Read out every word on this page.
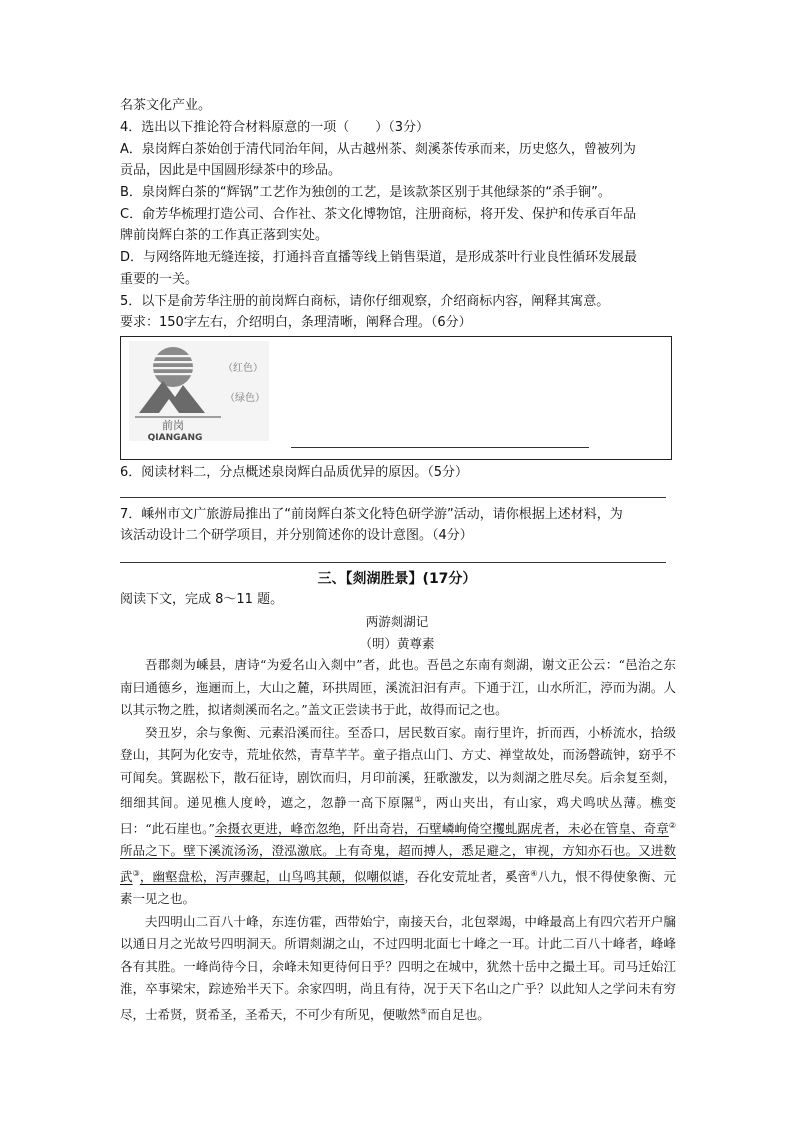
名茶文化产业。
4．选出以下推论符合材料原意的一项（　　）（3分）
A．泉岗辉白茶始创于清代同治年间，从古越州茶、剡溪茶传承而来，历史悠久，曾被列为
贡品，因此是中国圆形绿茶中的珍品。
B．泉岗辉白茶的“辉锅”工艺作为独创的工艺，是该款茶区别于其他绿茶的“杀手锏”。
C．俞芳华梳理打造公司、合作社、茶文化博物馆，注册商标，将开发、保护和传承百年品
牌前岗辉白茶的工作真正落到实处。
D．与网络阵地无缝连接，打通抖音直播等线上销售渠道，是形成茶叶行业良性循环发展最
重要的一关。
5．以下是俞芳华注册的前岗辉白商标，请你仔细观察，介绍商标内容，阐释其寓意。
要求：150字左右，介绍明白，条理清晰，阐释合理。（6分）
前岗
QIANGANG
（红色）
（绿色）
6．阅读材料二，分点概述泉岗辉白品质优异的原因。（5分）
7．嵊州市文广旅游局推出了“前岗辉白茶文化特色研学游”活动，请你根据上述材料，为
该活动设计二个研学项目，并分别简述你的设计意图。（4分）
三、【剡湖胜景】(17分）
阅读下文，完成 8～11 题。
两游剡湖记
（明）黄尊素

吾郡剡为嵊县，唐诗“为爱名山入剡中”者，此也。吾邑之东南有剡湖，谢文正公云：“邑治之东南曰通德乡，迤逦而上，大山之麓，环拱周匝，溪流汩汩有声。下通于江，山水所汇，渟而为湖。人以其示物之胜，拟诸剡溪而名之。”盖文正尝读书于此，故得而记之也。

癸丑岁，余与象衡、元素沿溪而往。至岙口，居民数百家。南行里许，折而西，小桥流水，拾级登山，其阿为化安寺，荒址依然，青草芊芊。童子指点山门、方丈、禅堂故处，而汤磬疏钟，窈乎不可闻矣。箕踞松下，散石征诗，剧饮而归，月印前溪，狂歌激发，以为剡湖之胜尽矣。后余复至剡，细细其间。递见樵人度岭，遮之，忽静一高下原隰①，两山夹出，有山家，鸡犬鸣吠丛薄。樵变曰：“此石崖也。”余摄衣更进，峰峦忽绝，阡出奇岩，石壁嶙峋倚空攫虬踞虎者，未必在管皇、奇章②所品之下。壁下溪流汤汤，澄泓激底。上有奇鬼，超而搏人，悉足避之，审视，方知亦石也。又进数武③，幽壑盘松，泻声骤起，山鸟鸣其颠，似嘲似谑，吞化安荒址者，奚啻④八九，恨不得使象衡、元素一见之也。

夫四明山二百八十峰，东连仿霍，西带始宁，南接天台，北包翠竭，中峰最高上有四穴若开户牖以通日月之光故号四明洞天。所谓剡湖之山，不过四明北面七十峰之一耳。计此二百八十峰者，峰峰各有其胜。一峰尚待今日，余峰未知更待何日乎？四明之在城中，犹然十岳中之撮土耳。司马迁始江淮，卒事梁宋，踪迹殆半天下。余家四明，尚且有待，况于天下名山之广乎？以此知人之学问未有穷尽，士希贤，贤希圣，圣希天，不可少有所见，便嗷然⑤而自足也。
